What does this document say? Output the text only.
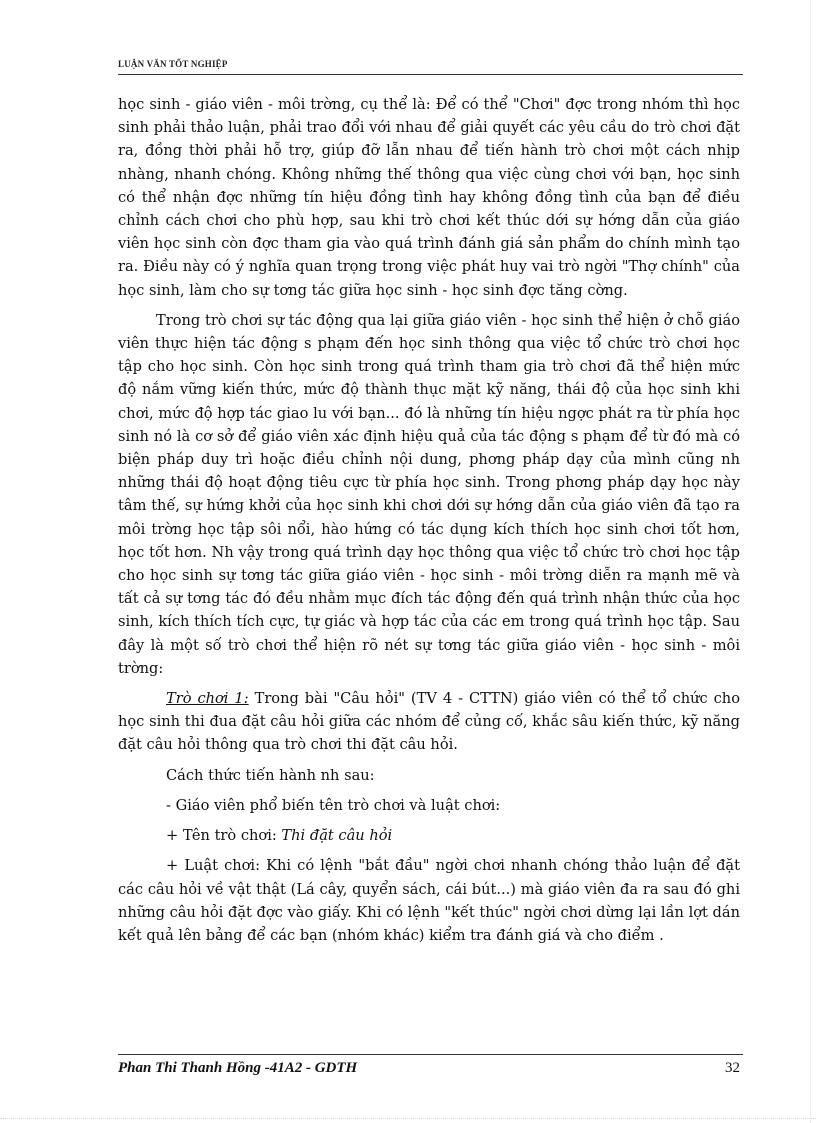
LUẬN VĂN TỐT NGHIỆP

học sinh - giáo viên - môi trờng, cụ thể là: Để có thể "Chơi" đợc trong nhóm thì học sinh phải thảo luận, phải trao đổi với nhau để giải quyết các yêu cầu do trò chơi đặt ra, đồng thời phải hỗ trợ, giúp đỡ lẫn nhau để tiến hành trò chơi một cách nhịp nhàng, nhanh chóng. Không những thế thông qua việc cùng chơi với bạn, học sinh có thể nhận đợc những tín hiệu đồng tình hay không đồng tình của bạn để điều chỉnh cách chơi cho phù hợp, sau khi trò chơi kết thúc dới sự hớng dẫn của giáo viên học sinh còn đợc tham gia vào quá trình đánh giá sản phẩm do chính mình tạo ra. Điều này có ý nghĩa quan trọng trong việc phát huy vai trò ngời "Thợ chính" của học sinh, làm cho sự tơng tác giữa học sinh - học sinh đợc tăng cờng.

Trong trò chơi sự tác động qua lại giữa giáo viên - học sinh thể hiện ở chỗ giáo viên thực hiện tác động s phạm đến học sinh thông qua việc tổ chức trò chơi học tập cho học sinh. Còn học sinh trong quá trình tham gia trò chơi đã thể hiện mức độ nắm vững kiến thức, mức độ thành thục mặt kỹ năng, thái độ của học sinh khi chơi, mức độ hợp tác giao lu với bạn... đó là những tín hiệu ngợc phát ra từ phía học sinh nó là cơ sở để giáo viên xác định hiệu quả của tác động s phạm để từ đó mà có biện pháp duy trì hoặc điều chỉnh nội dung, phơng pháp dạy của mình cũng nh những thái độ hoạt động tiêu cực từ phía học sinh. Trong phơng pháp dạy học này tâm thế, sự hứng khởi của học sinh khi chơi dới sự hớng dẫn của giáo viên đã tạo ra môi trờng học tập sôi nổi, hào hứng có tác dụng kích thích học sinh chơi tốt hơn, học tốt hơn. Nh vậy trong quá trình dạy học thông qua việc tổ chức trò chơi học tập cho học sinh sự tơng tác giữa giáo viên - học sinh - môi trờng diễn ra mạnh mẽ và tất cả sự tơng tác đó đều nhằm mục đích tác động đến quá trình nhận thức của học sinh, kích thích tích cực, tự giác và hợp tác của các em trong quá trình học tập. Sau đây là một số trò chơi thể hiện rõ nét sự tơng tác giữa giáo viên - học sinh - môi trờng:

Trò chơi 1: Trong bài "Câu hỏi" (TV 4 - CTTN) giáo viên có thể tổ chức cho học sinh thi đua đặt câu hỏi giữa các nhóm để củng cố, khắc sâu kiến thức, kỹ năng đặt câu hỏi thông qua trò chơi thi đặt câu hỏi.

Cách thức tiến hành nh sau:

- Giáo viên phổ biến tên trò chơi và luật chơi:

+ Tên trò chơi: Thi đặt câu hỏi

+ Luật chơi: Khi có lệnh "bắt đầu" ngời chơi nhanh chóng thảo luận để đặt các câu hỏi về vật thật (Lá cây, quyển sách, cái bút...) mà giáo viên đa ra sau đó ghi những câu hỏi đặt đợc vào giấy. Khi có lệnh "kết thúc" ngời chơi dừng lại lần lợt dán kết quả lên bảng để các bạn (nhóm khác) kiểm tra đánh giá và cho điểm .

Phan Thi Thanh Hồng -41A2 - GDTH	32
